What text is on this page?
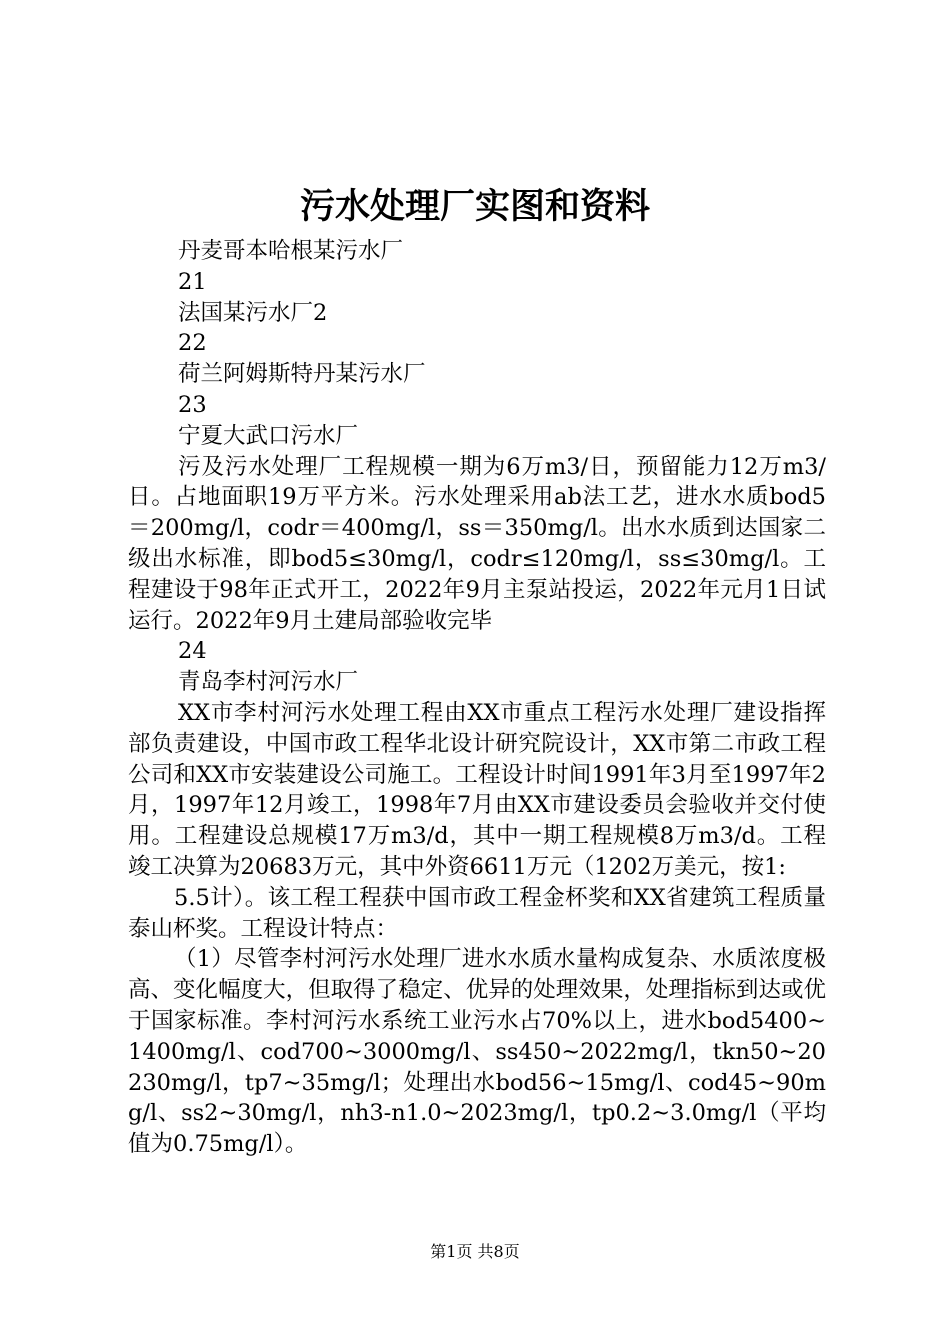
污水处理厂实图和资料
丹麦哥本哈根某污水厂
21
法国某污水厂2
22
荷兰阿姆斯特丹某污水厂
23
宁夏大武口污水厂
污及污水处理厂工程规模一期为6万m3/日，预留能力12万m3/日。占地面职19万平方米。污水处理采用ab法工艺，进水水质bod5＝200mg/l，codr＝400mg/l，ss＝350mg/l。出水水质到达国家二级出水标准，即bod5≤30mg/l，codr≤120mg/l，ss≤30mg/l。工程建设于98年正式开工，2022年9月主泵站投运，2022年元月1日试运行。2022年9月土建局部验收完毕
24
青岛李村河污水厂
XX市李村河污水处理工程由XX市重点工程污水处理厂建设指挥部负责建设，中国市政工程华北设计研究院设计，XX市第二市政工程公司和XX市安装建设公司施工。工程设计时间1991年3月至1997年2月，1997年12月竣工，1998年7月由XX市建设委员会验收并交付使用。工程建设总规模17万m3/d，其中一期工程规模8万m3/d。工程竣工决算为20683万元，其中外资6611万元（1202万美元，按1:
5.5计）。该工程工程获中国市政工程金杯奖和XX省建筑工程质量泰山杯奖。工程设计特点：
（1）尽管李村河污水处理厂进水水质水量构成复杂、水质浓度极高、变化幅度大，但取得了稳定、优异的处理效果，处理指标到达或优于国家标准。李村河污水系统工业污水占70%以上，进水bod5400~1400mg/l、cod700~3000mg/l、ss450~2022mg/l，tkn50~20230mg/l，tp7~35mg/l；处理出水bod56~15mg/l、cod45~90mg/l、ss2~30mg/l，nh3-n1.0~2023mg/l，tp0.2~3.0mg/l（平均值为0.75mg/l）。
第1页 共8页
